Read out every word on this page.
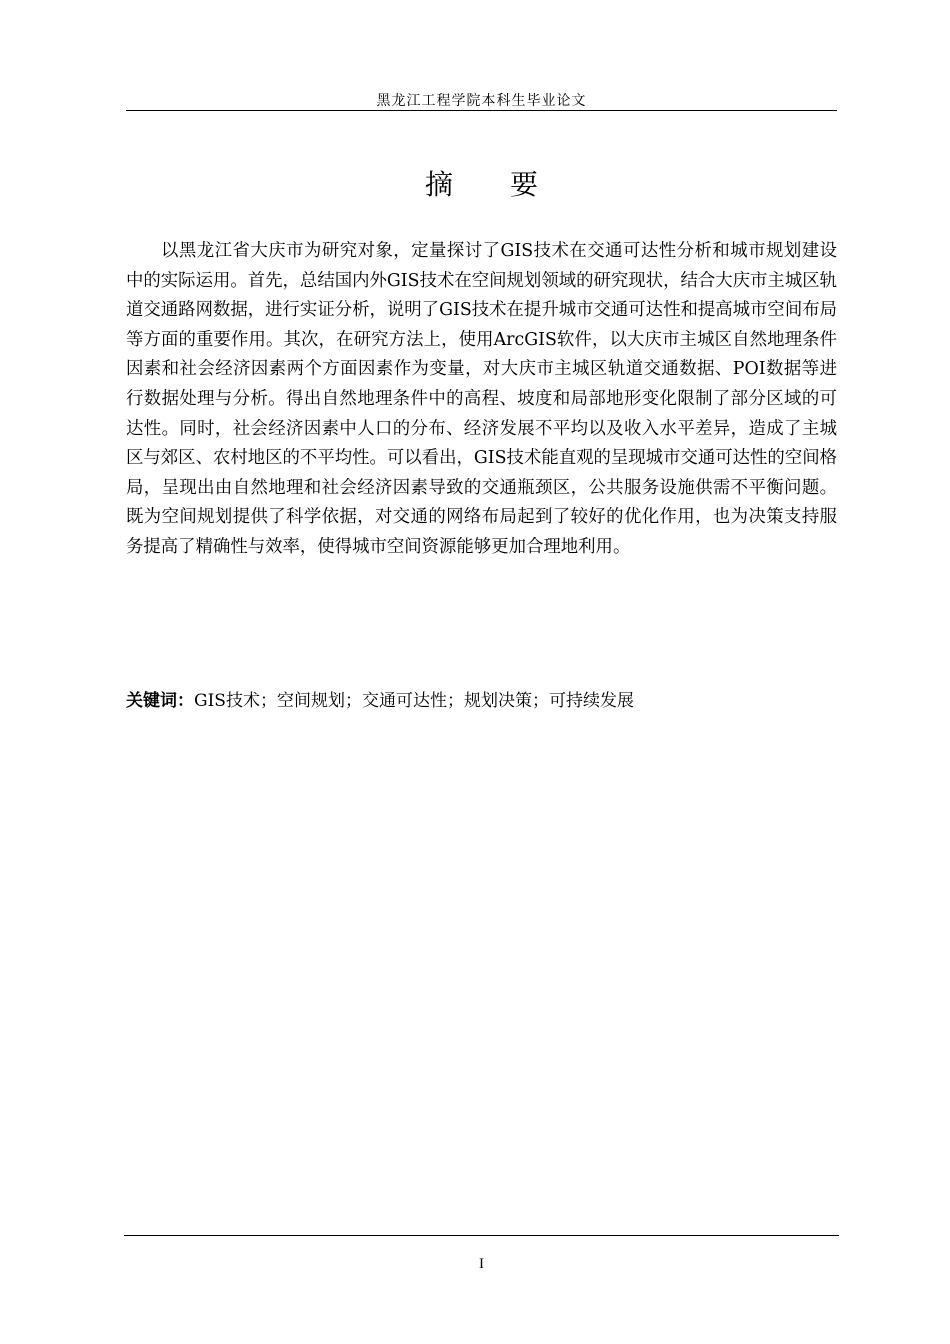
黑龙江工程学院本科生毕业论文
摘 要

以黑龙江省大庆市为研究对象，定量探讨了GIS技术在交通可达性分析和城市规划建设中的实际运用。首先，总结国内外GIS技术在空间规划领域的研究现状，结合大庆市主城区轨道交通路网数据，进行实证分析，说明了GIS技术在提升城市交通可达性和提高城市空间布局等方面的重要作用。其次，在研究方法上，使用ArcGIS软件，以大庆市主城区自然地理条件因素和社会经济因素两个方面因素作为变量，对大庆市主城区轨道交通数据、POI数据等进行数据处理与分析。得出自然地理条件中的高程、坡度和局部地形变化限制了部分区域的可达性。同时，社会经济因素中人口的分布、经济发展不平均以及收入水平差异，造成了主城区与郊区、农村地区的不平均性。可以看出，GIS技术能直观的呈现城市交通可达性的空间格局，呈现出由自然地理和社会经济因素导致的交通瓶颈区，公共服务设施供需不平衡问题。既为空间规划提供了科学依据，对交通的网络布局起到了较好的优化作用，也为决策支持服务提高了精确性与效率，使得城市空间资源能够更加合理地利用。

关键词：GIS技术；空间规划；交通可达性；规划决策；可持续发展

I
